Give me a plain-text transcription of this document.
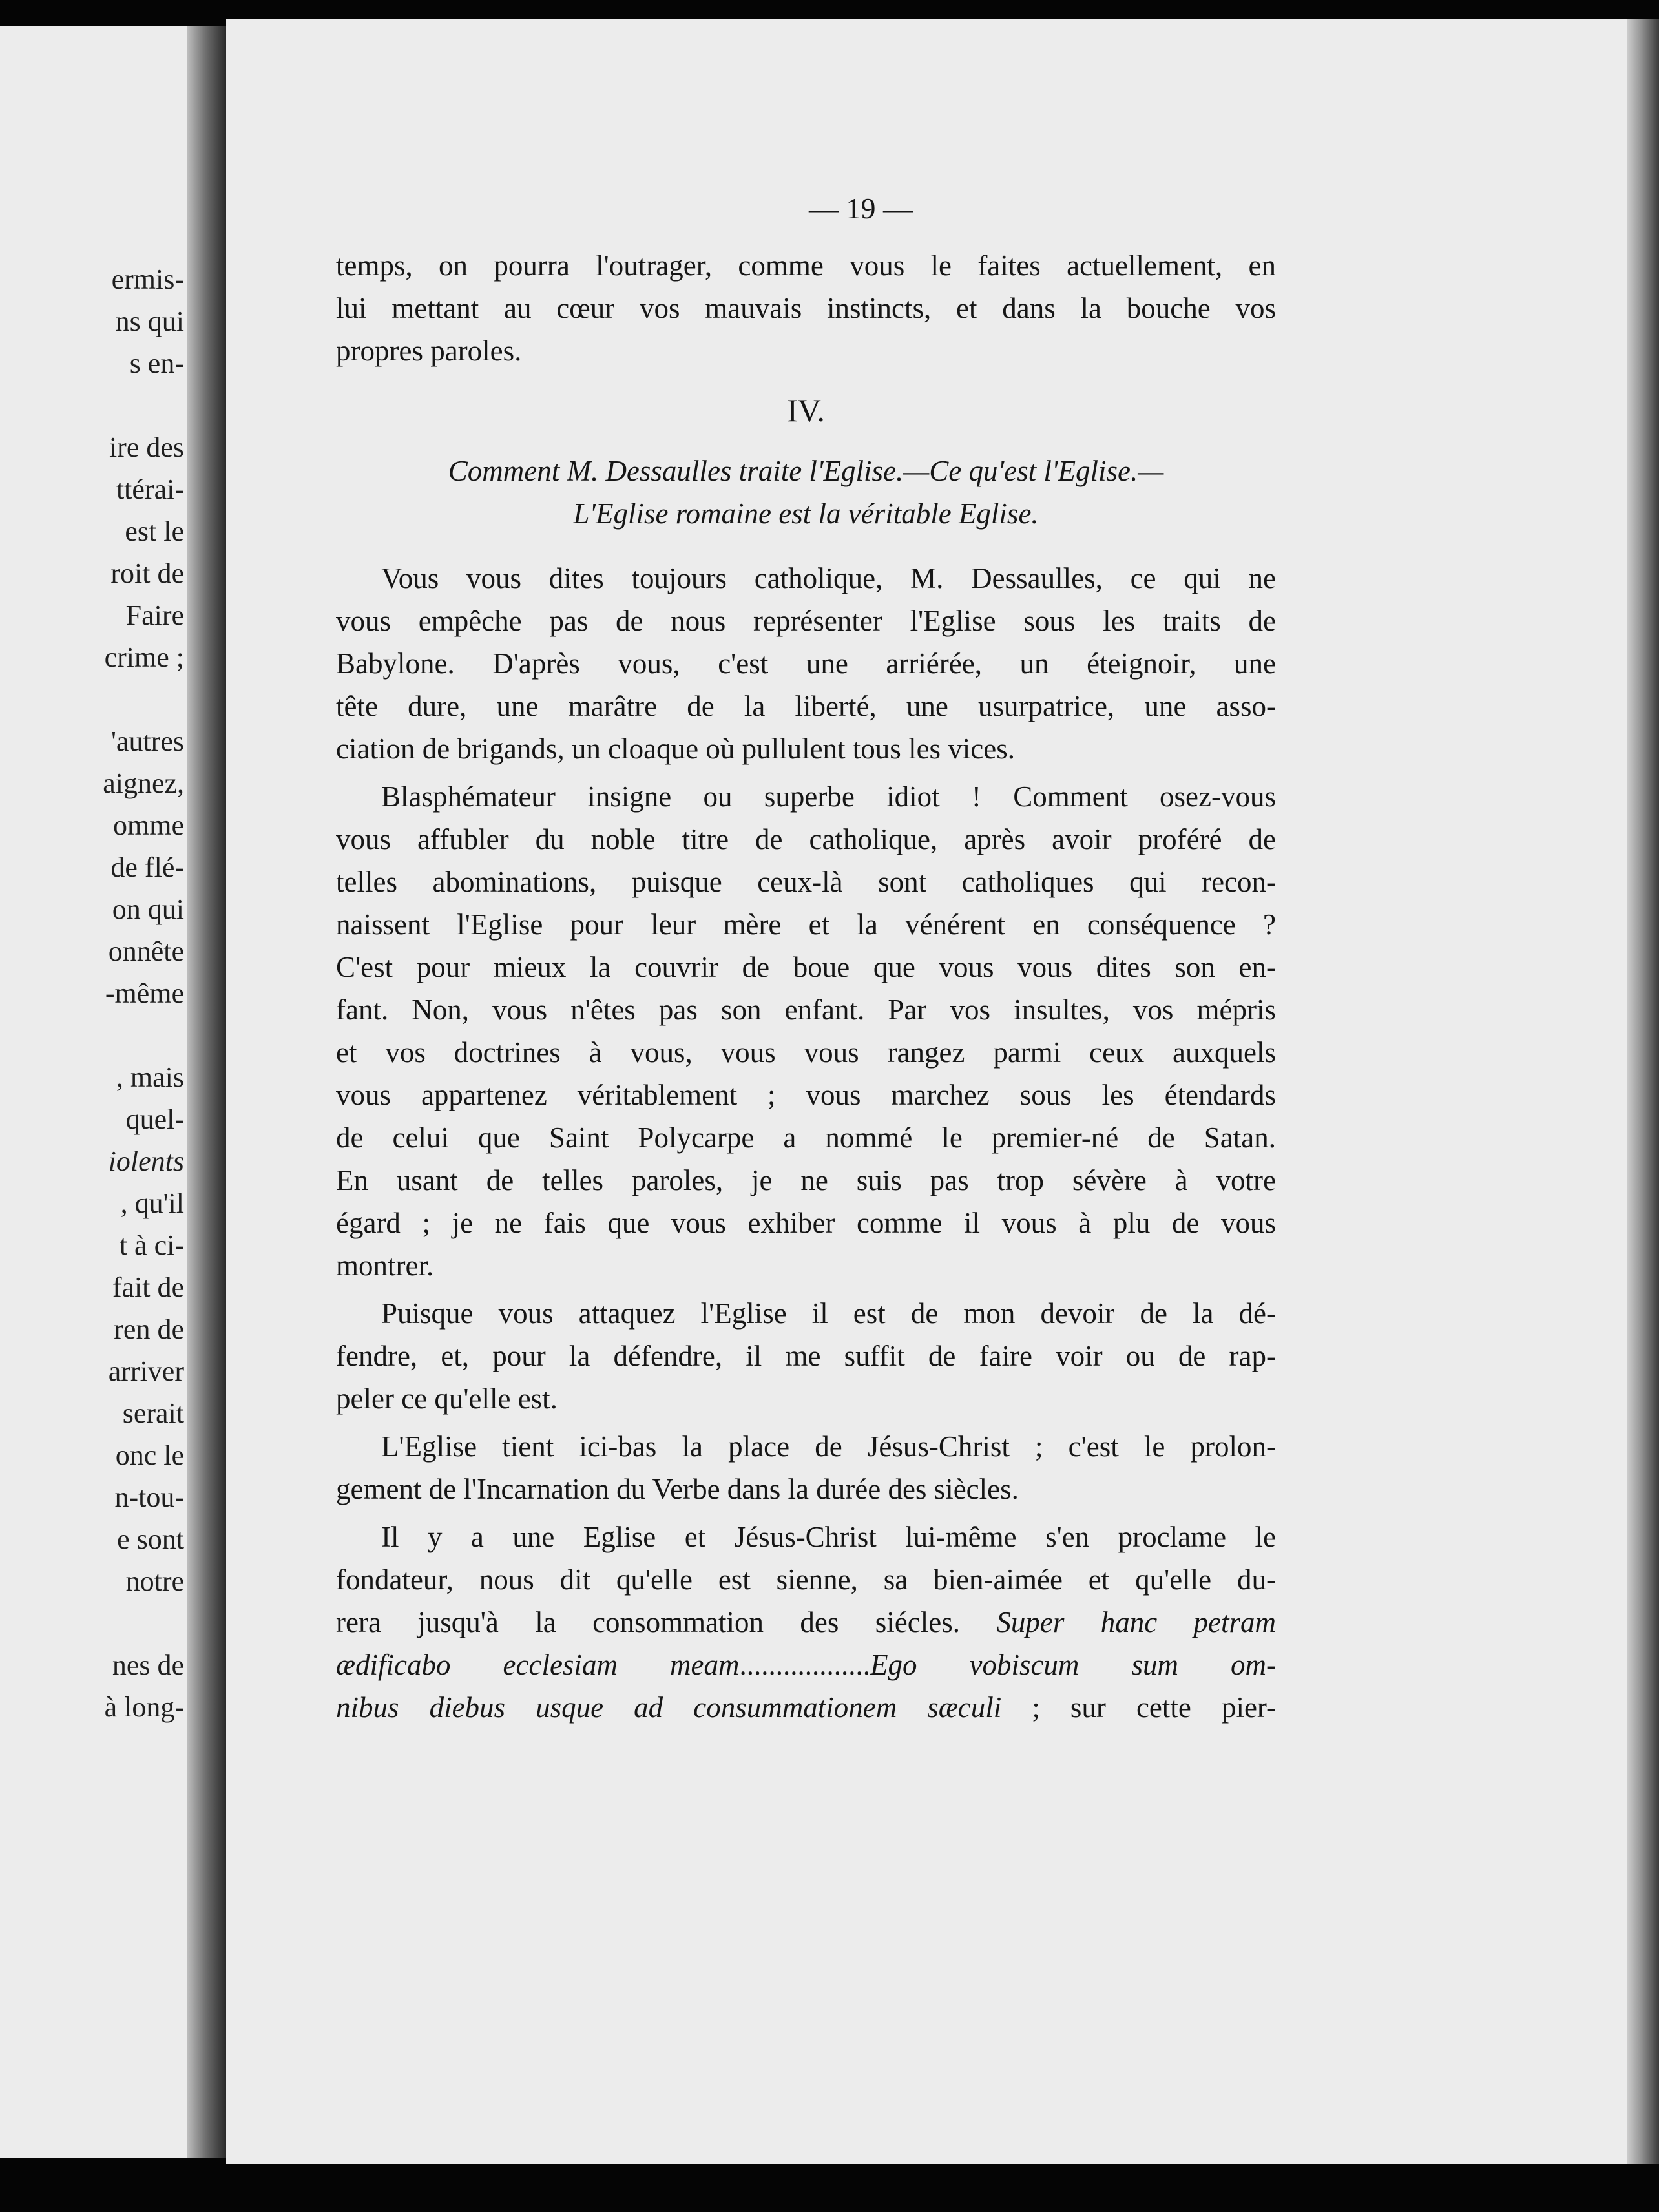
ermis-
ns qui
s en-
ire des
ttérai-
est le
roit de
Faire
crime ;
'autres
aignez,
omme
de flé-
on qui
onnête
-même
, mais
quel-
iolents
, qu'il
t à ci-
fait de
ren de
arriver
serait
onc le
n-tou-
e sont
notre
nes de
à long-
— 19 —
temps, on pourra l'outrager, comme vous le faites actuellement, en
lui mettant au cœur vos mauvais instincts, et dans la bouche vos
propres paroles.
IV.
Comment M. Dessaulles traite l'Eglise.—Ce qu'est l'Eglise.—
L'Eglise romaine est la véritable Eglise.
Vous vous dites toujours catholique, M. Dessaulles, ce qui ne
vous empêche pas de nous représenter l'Eglise sous les traits de
Babylone. D'après vous, c'est une arriérée, un éteignoir, une
tête dure, une marâtre de la liberté, une usurpatrice, une asso-
ciation de brigands, un cloaque où pullulent tous les vices.
Blasphémateur insigne ou superbe idiot ! Comment osez-vous
vous affubler du noble titre de catholique, après avoir proféré de
telles abominations, puisque ceux-là sont catholiques qui recon-
naissent l'Eglise pour leur mère et la vénérent en conséquence ?
C'est pour mieux la couvrir de boue que vous vous dites son en-
fant. Non, vous n'êtes pas son enfant. Par vos insultes, vos mépris
et vos doctrines à vous, vous vous rangez parmi ceux auxquels
vous appartenez véritablement ; vous marchez sous les étendards
de celui que Saint Polycarpe a nommé le premier-né de Satan.
En usant de telles paroles, je ne suis pas trop sévère à votre
égard ; je ne fais que vous exhiber comme il vous à plu de vous
montrer.
Puisque vous attaquez l'Eglise il est de mon devoir de la dé-
fendre, et, pour la défendre, il me suffit de faire voir ou de rap-
peler ce qu'elle est.
L'Eglise tient ici-bas la place de Jésus-Christ ; c'est le prolon-
gement de l'Incarnation du Verbe dans la durée des siècles.
Il y a une Eglise et Jésus-Christ lui-même s'en proclame le
fondateur, nous dit qu'elle est sienne, sa bien-aimée et qu'elle du-
rera jusqu'à la consommation des siécles. Super hanc petram
ædificabo ecclesiam meam..................Ego vobiscum sum om-
nibus diebus usque ad consummationem sæculi ; sur cette pier-
